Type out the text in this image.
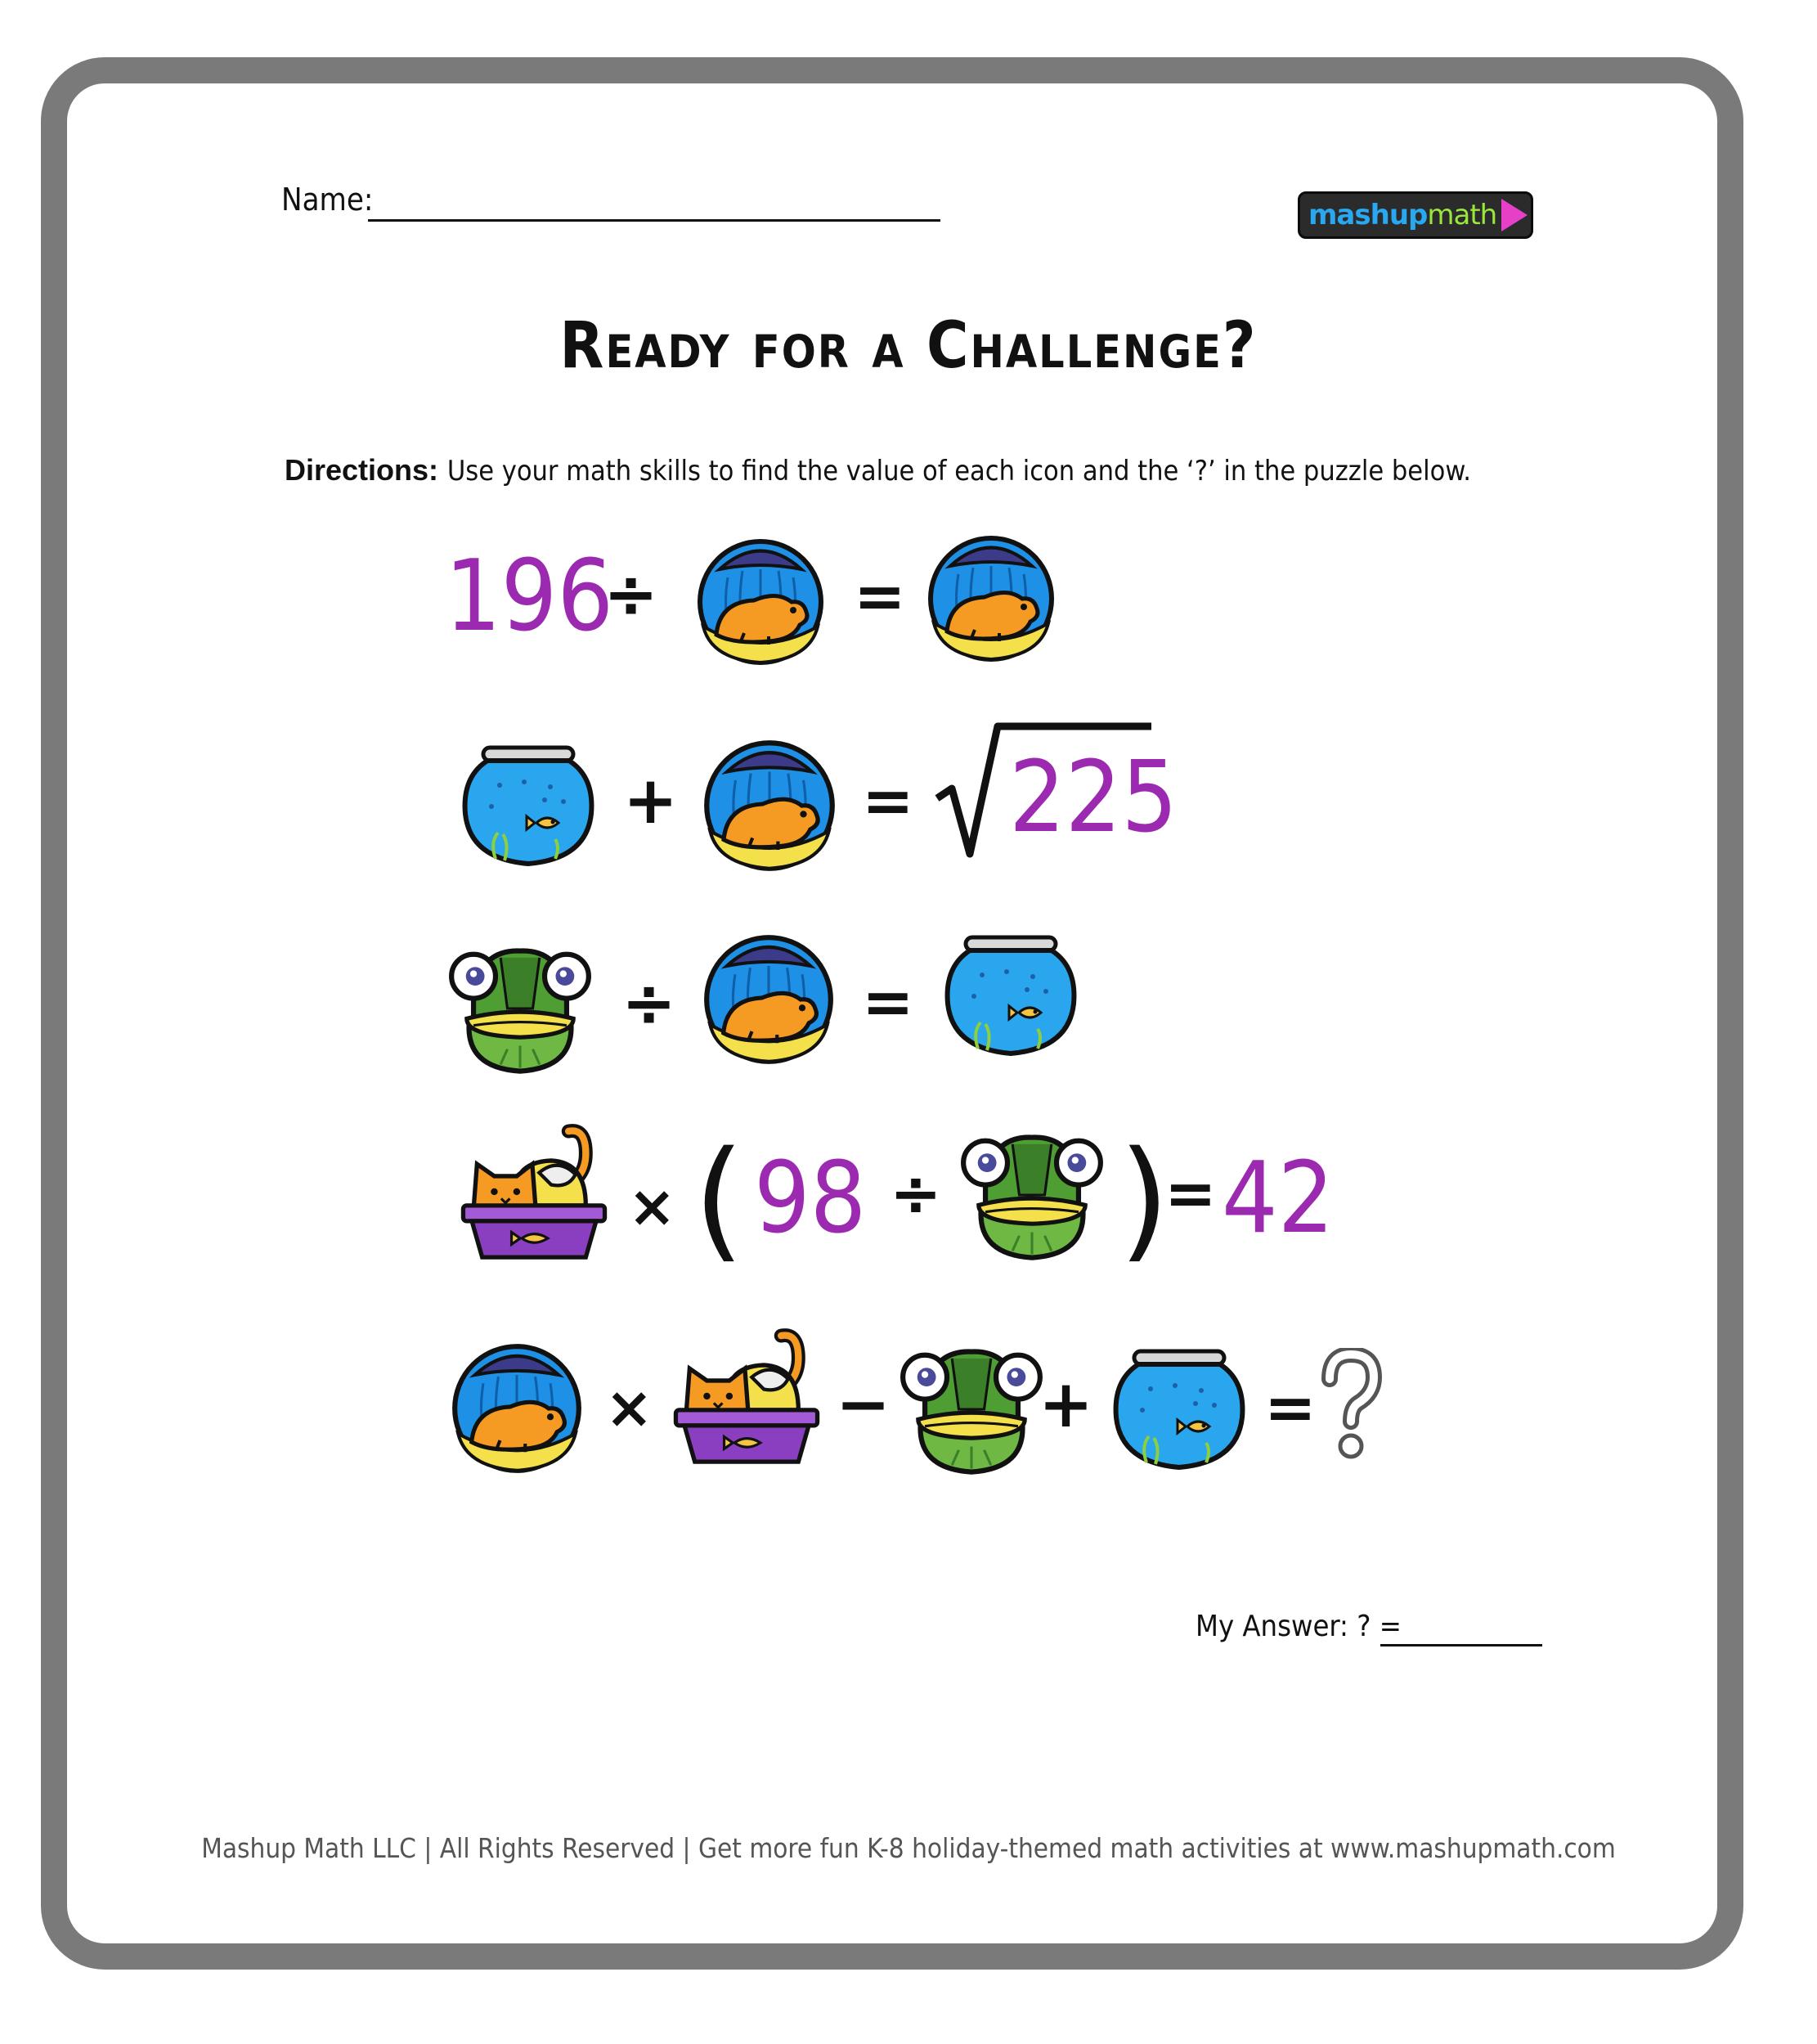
Name:	mashup math
Ready for a Challenge?
Directions: Use your math skills to find the value of each icon and the ‘?’ in the puzzle below.
196
÷	=
+	= 225
÷	=
× ( 98 ÷ )
= 42
×	− +	=
My Answer: ? =
Mashup Math LLC | All Rights Reserved | Get more fun K-8 holiday-themed math activities at www.mashupmath.com
